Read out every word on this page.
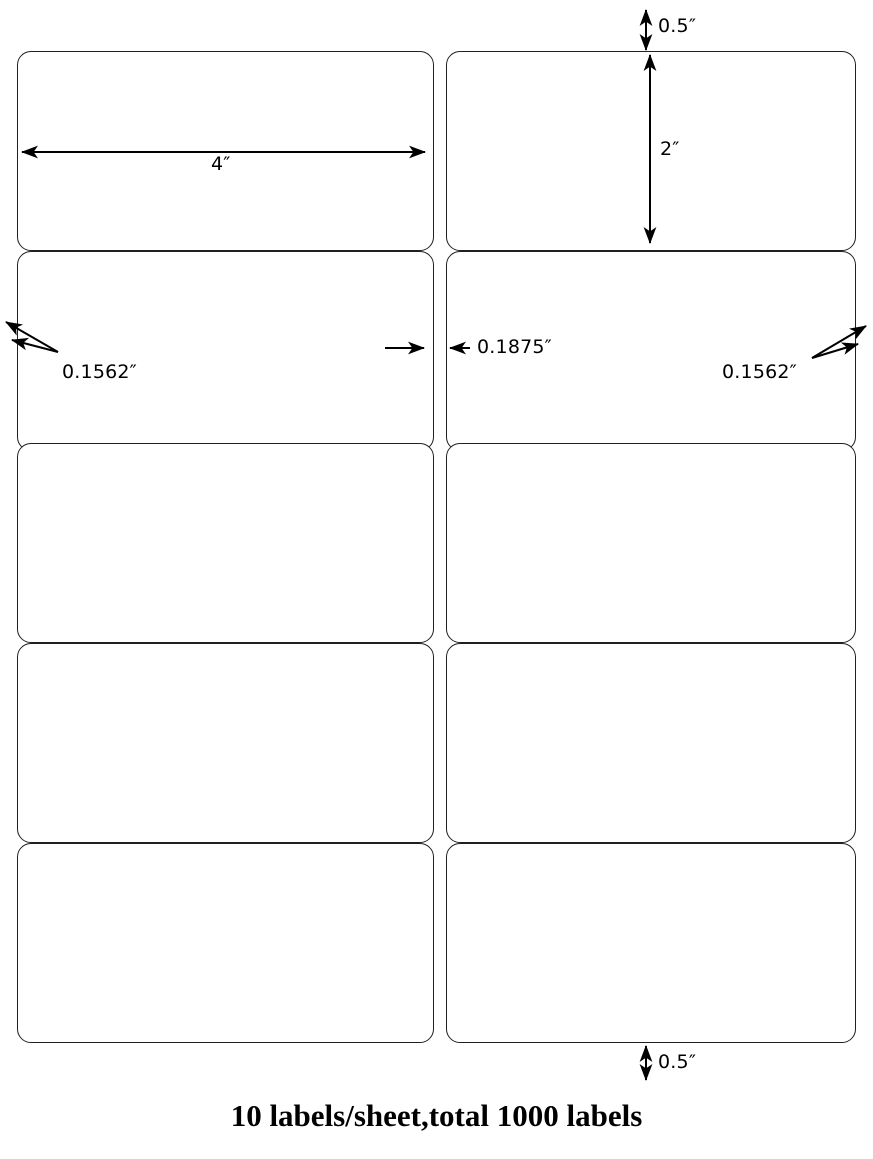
0.5″
4″
2″
0.1562″
0.1875″
0.1562″
0.5″
10 labels/sheet,total 1000 labels
